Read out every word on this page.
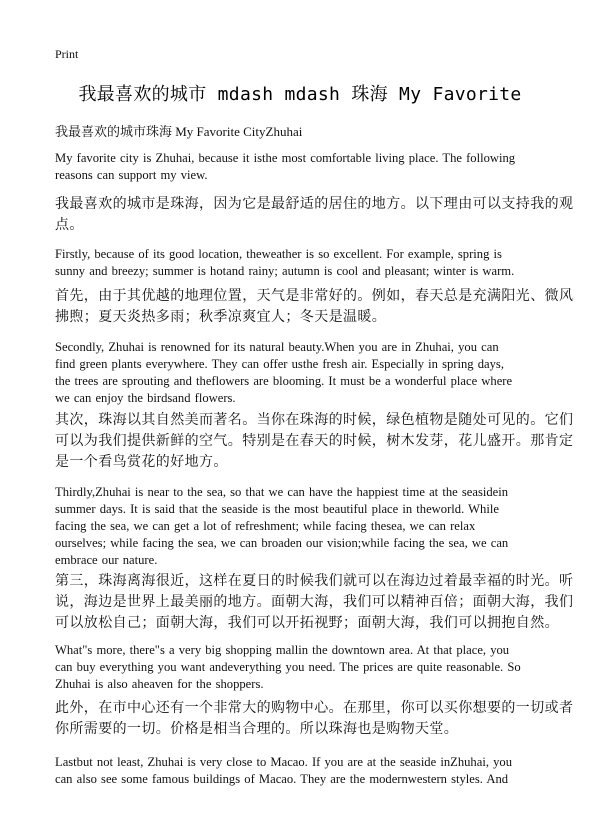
Print
我最喜欢的城市 mdash mdash 珠海 My Favorite
我最喜欢的城市珠海 My Favorite CityZhuhai
My favorite city is Zhuhai, because it isthe most comfortable living place. The following
reasons can support my view.
我最喜欢的城市是珠海，因为它是最舒适的居住的地方。以下理由可以支持我的观
点。
Firstly, because of its good location, theweather is so excellent. For example, spring is
sunny and breezy; summer is hotand rainy; autumn is cool and pleasant; winter is warm.
首先，由于其优越的地理位置，天气是非常好的。例如，春天总是充满阳光、微风
拂煦；夏天炎热多雨；秋季凉爽宜人；冬天是温暖。
Secondly, Zhuhai is renowned for its natural beauty.When you are in Zhuhai, you can
find green plants everywhere. They can offer usthe fresh air. Especially in spring days,
the trees are sprouting and theflowers are blooming. It must be a wonderful place where
we can enjoy the birdsand flowers.
其次，珠海以其自然美而著名。当你在珠海的时候，绿色植物是随处可见的。它们
可以为我们提供新鲜的空气。特别是在春天的时候，树木发芽，花儿盛开。那肯定
是一个看鸟赏花的好地方。
Thirdly,Zhuhai is near to the sea, so that we can have the happiest time at the seasidein
summer days. It is said that the seaside is the most beautiful place in theworld. While
facing the sea, we can get a lot of refreshment; while facing thesea, we can relax
ourselves; while facing the sea, we can broaden our vision;while facing the sea, we can
embrace our nature.
第三，珠海离海很近，这样在夏日的时候我们就可以在海边过着最幸福的时光。听
说，海边是世界上最美丽的地方。面朝大海，我们可以精神百倍；面朝大海，我们
可以放松自己；面朝大海，我们可以开拓视野；面朝大海，我们可以拥抱自然。
What"s more, there"s a very big shopping mallin the downtown area. At that place, you
can buy everything you want andeverything you need. The prices are quite reasonable. So
Zhuhai is also aheaven for the shoppers.
此外，在市中心还有一个非常大的购物中心。在那里，你可以买你想要的一切或者
你所需要的一切。价格是相当合理的。所以珠海也是购物天堂。
Lastbut not least, Zhuhai is very close to Macao. If you are at the seaside inZhuhai, you
can also see some famous buildings of Macao. They are the modernwestern styles. And
